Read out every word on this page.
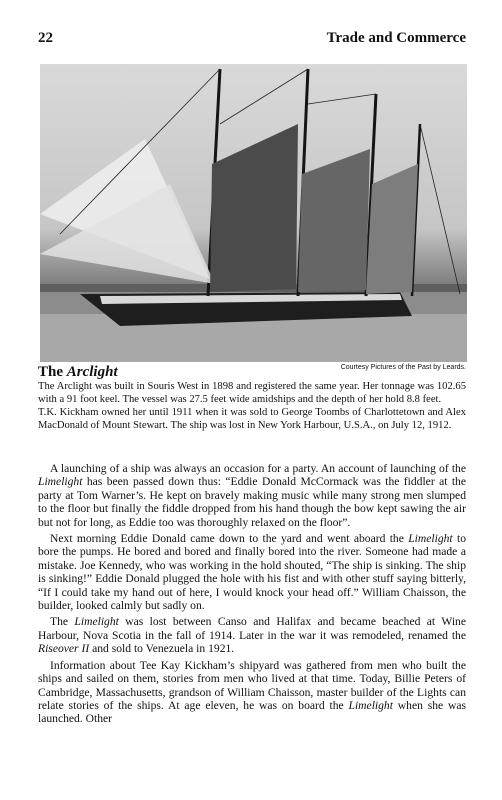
22	Trade and Commerce
Courtesy Pictures of the Past by Leards.
The Arclight

The Arclight was built in Souris West in 1898 and registered the same year. Her tonnage was 102.65 with a 91 foot keel. The vessel was 27.5 feet wide amidships and the depth of her hold 8.8 feet.

T.K. Kickham owned her until 1911 when it was sold to George Toombs of Charlottetown and Alex MacDonald of Mount Stewart. The ship was lost in New York Harbour, U.S.A., on July 12, 1912.

A launching of a ship was always an occasion for a party. An account of launching of the Limelight has been passed down thus: “Eddie Donald McCormack was the fiddler at the party at Tom Warner’s. He kept on bravely making music while many strong men slumped to the floor but finally the fiddle dropped from his hand though the bow kept sawing the air but not for long, as Eddie too was thoroughly relaxed on the floor”.

Next morning Eddie Donald came down to the yard and went aboard the Limelight to bore the pumps. He bored and bored and finally bored into the river. Someone had made a mistake. Joe Kennedy, who was working in the hold shouted, “The ship is sinking. The ship is sinking!” Eddie Donald plugged the hole with his fist and with other stuff saying bitterly, “If I could take my hand out of here, I would knock your head off.” William Chaisson, the builder, looked calmly but sadly on.

The Limelight was lost between Canso and Halifax and became beached at Wine Harbour, Nova Scotia in the fall of 1914. Later in the war it was remodeled, renamed the Riseover II and sold to Venezuela in 1921.

Information about Tee Kay Kickham’s shipyard was gathered from men who built the ships and sailed on them, stories from men who lived at that time. Today, Billie Peters of Cambridge, Massachusetts, grandson of William Chaisson, master builder of the Lights can relate stories of the ships. At age eleven, he was on board the Limelight when she was launched. Other
